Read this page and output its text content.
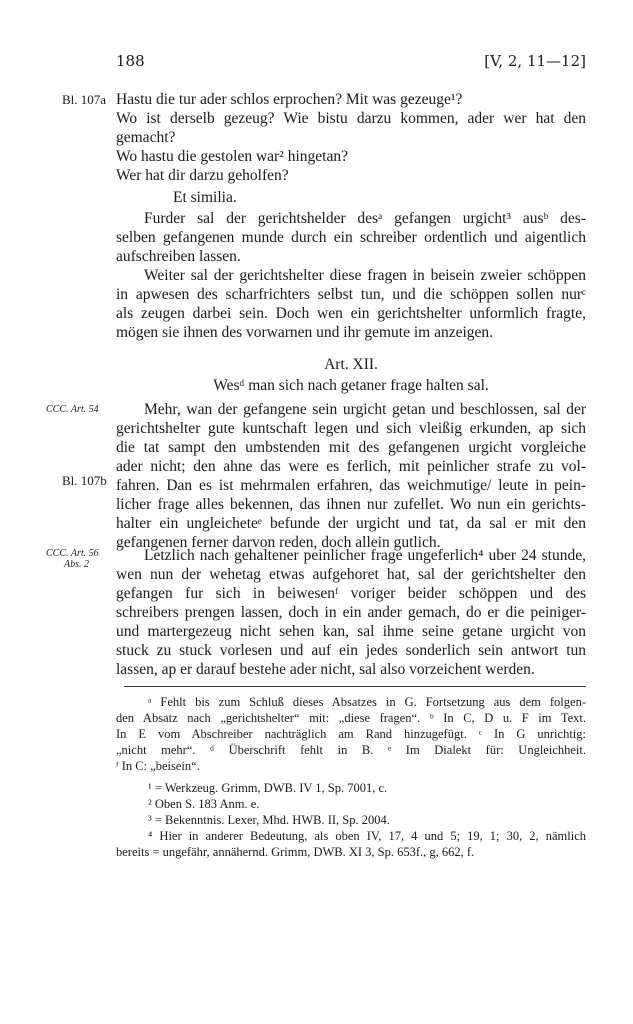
188	[V, 2, 11—12]
Bl. 107a
CCC. Art. 54
Bl. 107b
CCC. Art. 56
Abs. 2
Hastu die tur ader schlos erprochen? Mit was gezeuge¹?
Wo ist derselb gezeug? Wie bistu darzu kommen, ader wer hat den
gemacht?
Wo hastu die gestolen war² hingetan?
Wer hat dir darzu geholfen?
Et similia.
Furder sal der gerichtshelder desᵃ gefangen urgicht³ ausᵇ des-
selben gefangenen munde durch ein schreiber ordentlich und aigentlich
aufschreiben lassen.
Weiter sal der gerichtshelter diese fragen in beisein zweier schöppen
in apwesen des scharfrichters selbst tun, und die schöppen sollen nurᶜ
als zeugen darbei sein. Doch wen ein gerichtshelter unformlich fragte,
mögen sie ihnen des vorwarnen und ihr gemute im anzeigen.
Art. XII.
Wesᵈ man sich nach getaner frage halten sal.
Mehr, wan der gefangene sein urgicht getan und beschlossen, sal der
gerichtshelter gute kuntschaft legen und sich vleißig erkunden, ap sich
die tat sampt den umbstenden mit des gefangenen urgicht vorgleiche
ader nicht; den ahne das were es ferlich, mit peinlicher strafe zu vol-
fahren. Dan es ist mehrmalen erfahren, das weichmutige/ leute in pein-
licher frage alles bekennen, das ihnen nur zufellet. Wo nun ein gerichts-
halter ein ungleicheteᵉ befunde der urgicht und tat, da sal er mit den
gefangenen ferner darvon reden, doch allein gutlich.
Letzlich nach gehaltener peinlicher frage ungeferlich⁴ uber 24 stunde,
wen nun der wehetag etwas aufgehoret hat, sal der gerichtshelter den
gefangen fur sich in beiwesenᶠ voriger beider schöppen und des
schreibers prengen lassen, doch in ein ander gemach, do er die peiniger-
und martergezeug nicht sehen kan, sal ihme seine getane urgicht von
stuck zu stuck vorlesen und auf ein jedes sonderlich sein antwort tun
lassen, ap er darauf bestehe ader nicht, sal also vorzeichent werden.
ᵃ Fehlt bis zum Schluß dieses Absatzes in G. Fortsetzung aus dem folgen-
den Absatz nach „gerichtshelter“ mit: „diese fragen“. ᵇ In C, D u. F im Text.
In E vom Abschreiber nachträglich am Rand hinzugefügt. ᶜ In G unrichtig:
„nicht mehr“. ᵈ Überschrift fehlt in B. ᵉ Im Dialekt für: Ungleichheit.
ᶠ In C: „beisein“.
¹ = Werkzeug. Grimm, DWB. IV 1, Sp. 7001, c.
² Oben S. 183 Anm. e.
³ = Bekenntnis. Lexer, Mhd. HWB. II, Sp. 2004.
⁴ Hier in anderer Bedeutung, als oben IV, 17, 4 und 5; 19, 1; 30, 2, nämlich
bereits = ungefähr, annähernd. Grimm, DWB. XI 3, Sp. 653f., g, 662, f.
